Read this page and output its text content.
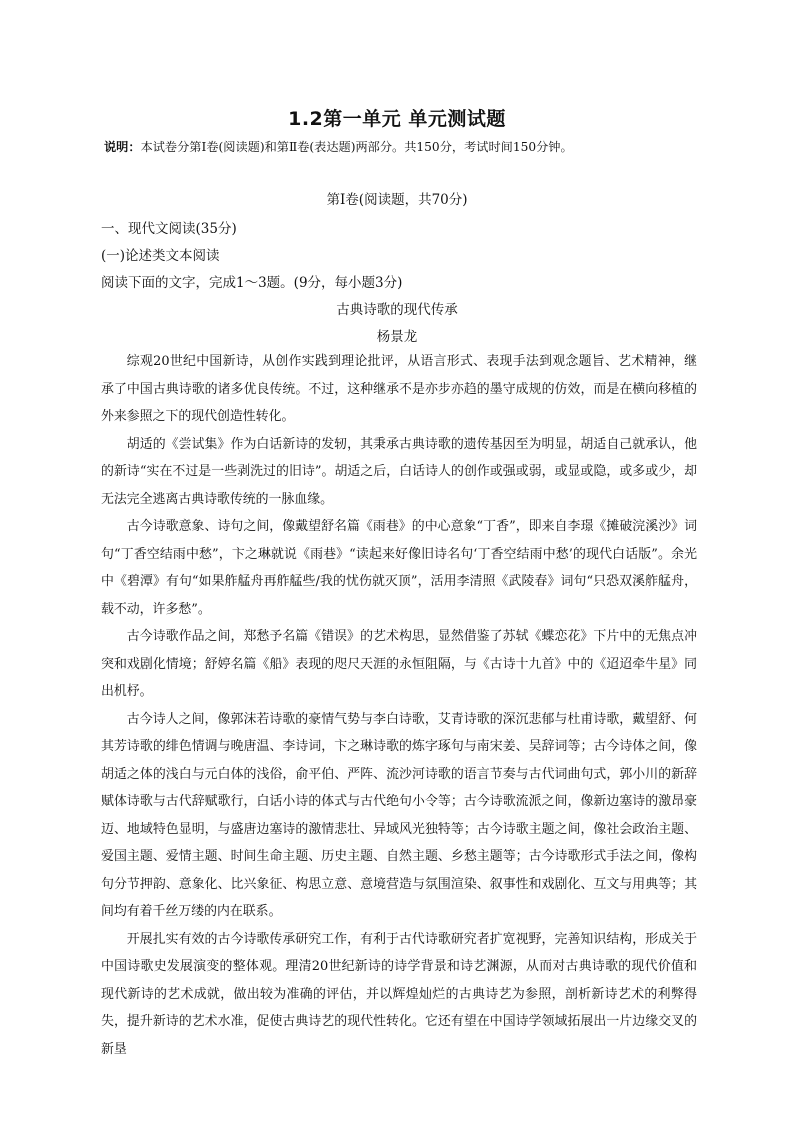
1.2第一单元 单元测试题
说明：本试卷分第Ⅰ卷(阅读题)和第Ⅱ卷(表达题)两部分。共150分，考试时间150分钟。
第Ⅰ卷(阅读题，共70分)
一、现代文阅读(35分)
(一)论述类文本阅读
阅读下面的文字，完成1～3题。(9分，每小题3分)
古典诗歌的现代传承
杨景龙

综观20世纪中国新诗，从创作实践到理论批评，从语言形式、表现手法到观念题旨、艺术精神，继承了中国古典诗歌的诸多优良传统。不过，这种继承不是亦步亦趋的墨守成规的仿效，而是在横向移植的外来参照之下的现代创造性转化。

胡适的《尝试集》作为白话新诗的发轫，其秉承古典诗歌的遗传基因至为明显，胡适自己就承认，他的新诗“实在不过是一些剥洗过的旧诗”。胡适之后，白话诗人的创作或强或弱，或显或隐，或多或少，却无法完全逃离古典诗歌传统的一脉血缘。

古今诗歌意象、诗句之间，像戴望舒名篇《雨巷》的中心意象“丁香”，即来自李璟《摊破浣溪沙》词句“丁香空结雨中愁”，卞之琳就说《雨巷》“读起来好像旧诗名句‘丁香空结雨中愁’的现代白话版”。余光中《碧潭》有句“如果舴艋舟再舴艋些/我的忧伤就灭顶”，活用李清照《武陵春》词句“只恐双溪舴艋舟，载不动，许多愁”。

古今诗歌作品之间，郑愁予名篇《错误》的艺术构思，显然借鉴了苏轼《蝶恋花》下片中的无焦点冲突和戏剧化情境；舒婷名篇《船》表现的咫尺天涯的永恒阻隔，与《古诗十九首》中的《迢迢牵牛星》同出机杼。

古今诗人之间，像郭沫若诗歌的豪情气势与李白诗歌，艾青诗歌的深沉悲郁与杜甫诗歌，戴望舒、何其芳诗歌的绯色情调与晚唐温、李诗词，卞之琳诗歌的炼字琢句与南宋姜、吴辞词等；古今诗体之间，像胡适之体的浅白与元白体的浅俗，俞平伯、严阵、流沙河诗歌的语言节奏与古代词曲句式，郭小川的新辞赋体诗歌与古代辞赋歌行，白话小诗的体式与古代绝句小令等；古今诗歌流派之间，像新边塞诗的激昂豪迈、地域特色显明，与盛唐边塞诗的激情悲壮、异域风光独特等；古今诗歌主题之间，像社会政治主题、爱国主题、爱情主题、时间生命主题、历史主题、自然主题、乡愁主题等；古今诗歌形式手法之间，像构句分节押韵、意象化、比兴象征、构思立意、意境营造与氛围渲染、叙事性和戏剧化、互文与用典等；其间均有着千丝万缕的内在联系。

开展扎实有效的古今诗歌传承研究工作，有利于古代诗歌研究者扩宽视野，完善知识结构，形成关于中国诗歌史发展演变的整体观。理清20世纪新诗的诗学背景和诗艺渊源，从而对古典诗歌的现代价值和现代新诗的艺术成就，做出较为准确的评估，并以辉煌灿烂的古典诗艺为参照，剖析新诗艺术的利弊得失，提升新诗的艺术水准，促使古典诗艺的现代性转化。它还有望在中国诗学领域拓展出一片边缘交叉的新垦
